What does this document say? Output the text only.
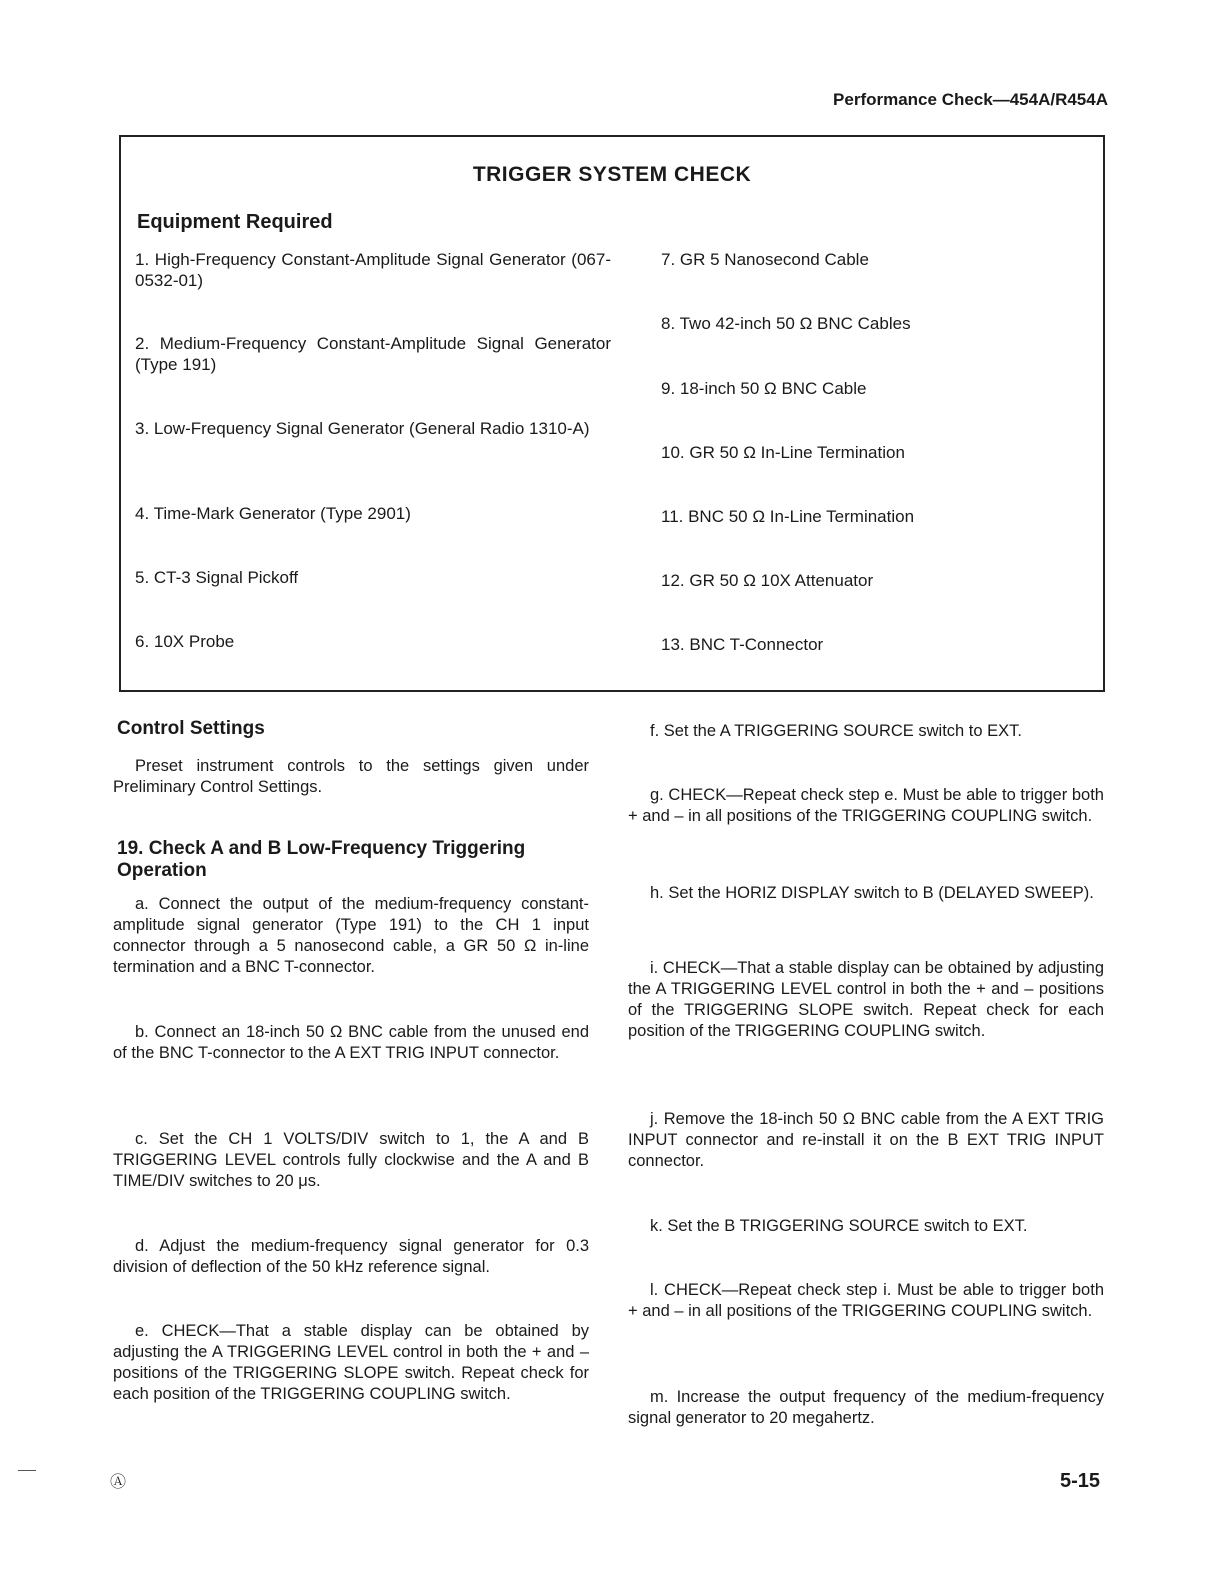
Performance Check—454A/R454A
TRIGGER SYSTEM CHECK
Equipment Required
1. High-Frequency Constant-Amplitude Signal Generator (067-0532-01)
2. Medium-Frequency Constant-Amplitude Signal Generator (Type 191)
3. Low-Frequency Signal Generator (General Radio 1310-A)
4. Time-Mark Generator (Type 2901)
5. CT-3 Signal Pickoff
6. 10X Probe
7. GR 5 Nanosecond Cable
8. Two 42-inch 50 Ω BNC Cables
9. 18-inch 50 Ω BNC Cable
10. GR 50 Ω In-Line Termination
11. BNC 50 Ω In-Line Termination
12. GR 50 Ω 10X Attenuator
13. BNC T-Connector
Control Settings
Preset instrument controls to the settings given under Preliminary Control Settings.
19. Check A and B Low-Frequency Triggering Operation
a. Connect the output of the medium-frequency constant-amplitude signal generator (Type 191) to the CH 1 input connector through a 5 nanosecond cable, a GR 50 Ω in-line termination and a BNC T-connector.
b. Connect an 18-inch 50 Ω BNC cable from the unused end of the BNC T-connector to the A EXT TRIG INPUT connector.
c. Set the CH 1 VOLTS/DIV switch to 1, the A and B TRIGGERING LEVEL controls fully clockwise and the A and B TIME/DIV switches to 20 μs.
d. Adjust the medium-frequency signal generator for 0.3 division of deflection of the 50 kHz reference signal.
e. CHECK—That a stable display can be obtained by adjusting the A TRIGGERING LEVEL control in both the + and – positions of the TRIGGERING SLOPE switch. Repeat check for each position of the TRIGGERING COUPLING switch.
f. Set the A TRIGGERING SOURCE switch to EXT.
g. CHECK—Repeat check step e. Must be able to trigger both + and – in all positions of the TRIGGERING COUPLING switch.
h. Set the HORIZ DISPLAY switch to B (DELAYED SWEEP).
i. CHECK—That a stable display can be obtained by adjusting the A TRIGGERING LEVEL control in both the + and – positions of the TRIGGERING SLOPE switch. Repeat check for each position of the TRIGGERING COUPLING switch.
j. Remove the 18-inch 50 Ω BNC cable from the A EXT TRIG INPUT connector and re-install it on the B EXT TRIG INPUT connector.
k. Set the B TRIGGERING SOURCE switch to EXT.
l. CHECK—Repeat check step i. Must be able to trigger both + and – in all positions of the TRIGGERING COUPLING switch.
m. Increase the output frequency of the medium-frequency signal generator to 20 megahertz.
Ⓐ	5-15
